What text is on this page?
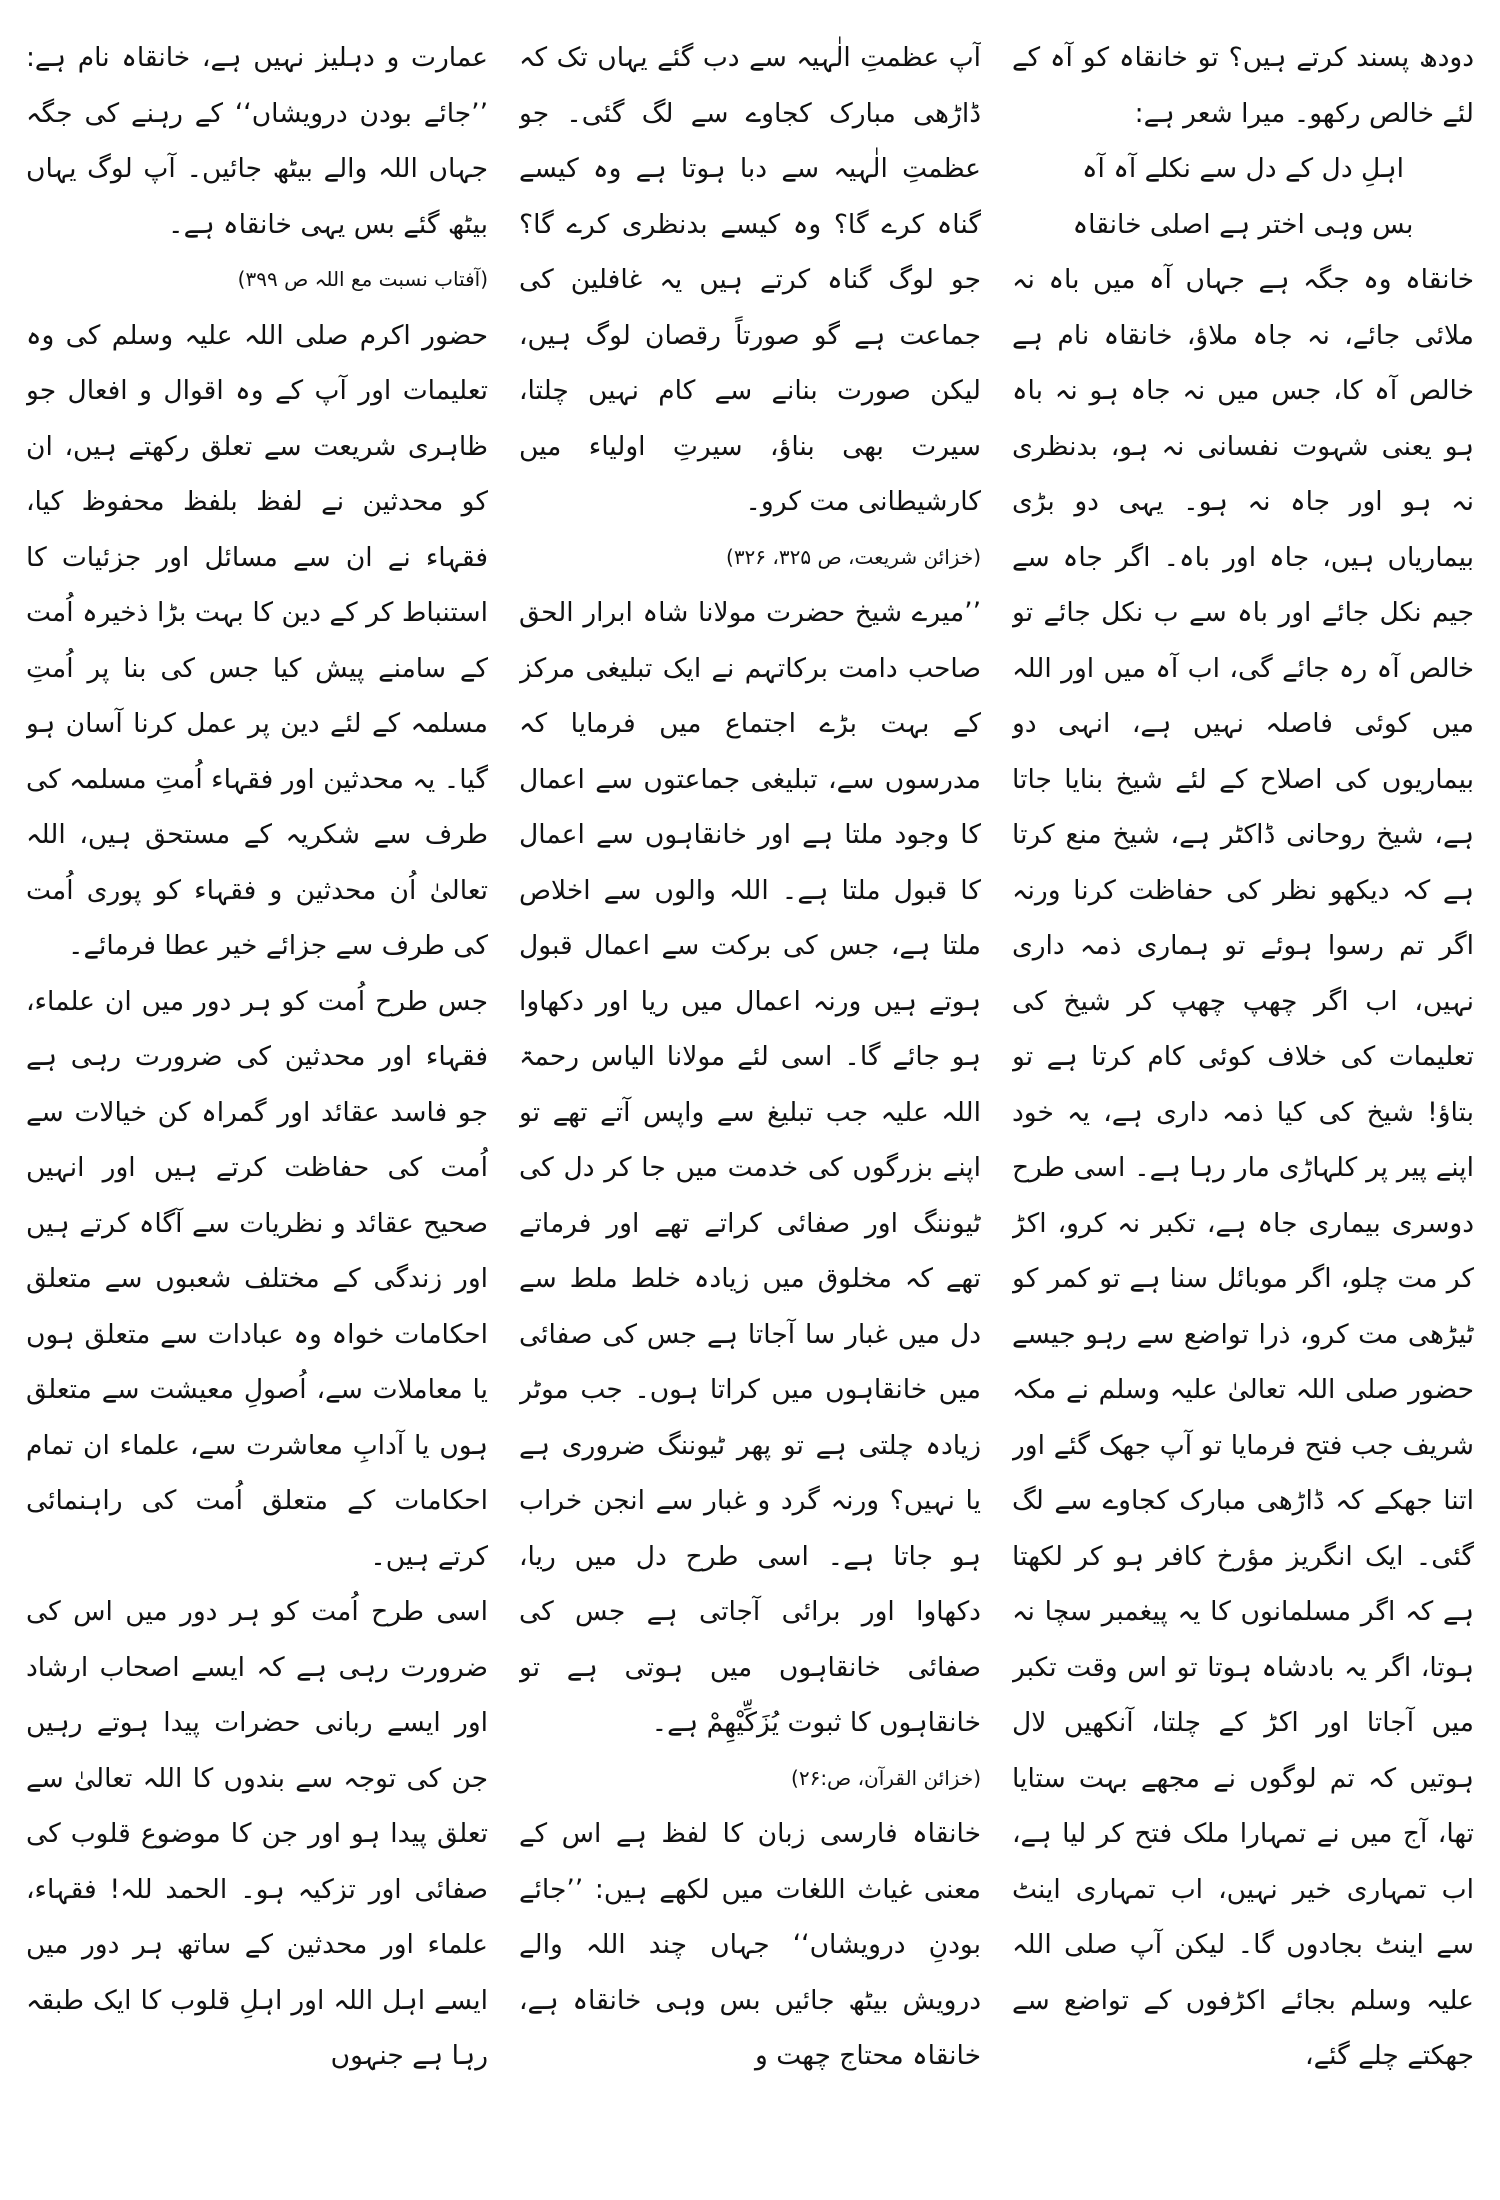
دودھ پسند کرتے ہیں؟ تو خانقاہ کو آہ کے لئے خالص رکھو۔ میرا شعر ہے:

اہلِ دل کے دل سے نکلے آہ آہ

بس وہی اختر ہے اصلی خانقاہ

خانقاہ وہ جگہ ہے جہاں آہ میں باہ نہ ملائی جائے، نہ جاہ ملاؤ، خانقاہ نام ہے خالص آہ کا، جس میں نہ جاہ ہو نہ باہ ہو یعنی شہوت نفسانی نہ ہو، بدنظری نہ ہو اور جاہ نہ ہو۔ یہی دو بڑی بیماریاں ہیں، جاہ اور باہ۔ اگر جاہ سے جیم نکل جائے اور باہ سے ب نکل جائے تو خالص آہ رہ جائے گی، اب آہ میں اور اللہ میں کوئی فاصلہ نہیں ہے، انہی دو بیماریوں کی اصلاح کے لئے شیخ بنایا جاتا ہے، شیخ روحانی ڈاکٹر ہے، شیخ منع کرتا ہے کہ دیکھو نظر کی حفاظت کرنا ورنہ اگر تم رسوا ہوئے تو ہماری ذمہ داری نہیں، اب اگر چھپ چھپ کر شیخ کی تعلیمات کی خلاف کوئی کام کرتا ہے تو بتاؤ! شیخ کی کیا ذمہ داری ہے، یہ خود اپنے پیر پر کلہاڑی مار رہا ہے۔ اسی طرح دوسری بیماری جاہ ہے، تکبر نہ کرو، اکڑ کر مت چلو، اگر موبائل سنا ہے تو کمر کو ٹیڑھی مت کرو، ذرا تواضع سے رہو جیسے حضور صلی اللہ تعالیٰ علیہ وسلم نے مکہ شریف جب فتح فرمایا تو آپ جھک گئے اور اتنا جھکے کہ ڈاڑھی مبارک کجاوے سے لگ گئی۔ ایک انگریز مؤرخ کافر ہو کر لکھتا ہے کہ اگر مسلمانوں کا یہ پیغمبر سچا نہ ہوتا، اگر یہ بادشاہ ہوتا تو اس وقت تکبر میں آجاتا اور اکڑ کے چلتا، آنکھیں لال ہوتیں کہ تم لوگوں نے مجھے بہت ستایا تھا، آج میں نے تمہارا ملک فتح کر لیا ہے، اب تمہاری خیر نہیں، اب تمہاری اینٹ سے اینٹ بجادوں گا۔ لیکن آپ صلی اللہ علیہ وسلم بجائے اکڑفوں کے تواضع سے جھکتے چلے گئے،

آپ عظمتِ الٰہیہ سے دب گئے یہاں تک کہ ڈاڑھی مبارک کجاوے سے لگ گئی۔ جو عظمتِ الٰہیہ سے دبا ہوتا ہے وہ کیسے گناہ کرے گا؟ وہ کیسے بدنظری کرے گا؟ جو لوگ گناہ کرتے ہیں یہ غافلین کی جماعت ہے گو صورتاً رقصان لوگ ہیں، لیکن صورت بنانے سے کام نہیں چلتا، سیرت بھی بناؤ، سیرتِ اولیاء میں کارشیطانی مت کرو۔

(خزائن شریعت، ص ۳۲۵، ۳۲۶)

’’میرے شیخ حضرت مولانا شاہ ابرار الحق صاحب دامت برکاتہم نے ایک تبلیغی مرکز کے بہت بڑے اجتماع میں فرمایا کہ مدرسوں سے، تبلیغی جماعتوں سے اعمال کا وجود ملتا ہے اور خانقاہوں سے اعمال کا قبول ملتا ہے۔ اللہ والوں سے اخلاص ملتا ہے، جس کی برکت سے اعمال قبول ہوتے ہیں ورنہ اعمال میں ریا اور دکھاوا ہو جائے گا۔ اسی لئے مولانا الیاس رحمۃ اللہ علیہ جب تبلیغ سے واپس آتے تھے تو اپنے بزرگوں کی خدمت میں جا کر دل کی ٹیوننگ اور صفائی کراتے تھے اور فرماتے تھے کہ مخلوق میں زیادہ خلط ملط سے دل میں غبار سا آجاتا ہے جس کی صفائی میں خانقاہوں میں کراتا ہوں۔ جب موٹر زیادہ چلتی ہے تو پھر ٹیوننگ ضروری ہے یا نہیں؟ ورنہ گرد و غبار سے انجن خراب ہو جاتا ہے۔ اسی طرح دل میں ریا، دکھاوا اور برائی آجاتی ہے جس کی صفائی خانقاہوں میں ہوتی ہے تو خانقاہوں کا ثبوت یُزَکِّیْھِمْ ہے۔

(خزائن القرآن، ص:۲۶)

خانقاہ فارسی زبان کا لفظ ہے اس کے معنی غیاث اللغات میں لکھے ہیں: ’’جائے بودنِ درویشاں‘‘ جہاں چند اللہ والے درویش بیٹھ جائیں بس وہی خانقاہ ہے، خانقاہ محتاج چھت و

عمارت و دہلیز نہیں ہے، خانقاہ نام ہے: ’’جائے بودن درویشاں‘‘ کے رہنے کی جگہ جہاں اللہ والے بیٹھ جائیں۔ آپ لوگ یہاں بیٹھ گئے بس یہی خانقاہ ہے۔

(آفتاب نسبت مع اللہ ص ۳۹۹)

حضور اکرم صلی اللہ علیہ وسلم کی وہ تعلیمات اور آپ کے وہ اقوال و افعال جو ظاہری شریعت سے تعلق رکھتے ہیں، ان کو محدثین نے لفظ بلفظ محفوظ کیا، فقہاء نے ان سے مسائل اور جزئیات کا استنباط کر کے دین کا بہت بڑا ذخیرہ اُمت کے سامنے پیش کیا جس کی بنا پر اُمتِ مسلمہ کے لئے دین پر عمل کرنا آسان ہو گیا۔ یہ محدثین اور فقہاء اُمتِ مسلمہ کی طرف سے شکریہ کے مستحق ہیں، اللہ تعالیٰ اُن محدثین و فقہاء کو پوری اُمت کی طرف سے جزائے خیر عطا فرمائے۔

جس طرح اُمت کو ہر دور میں ان علماء، فقہاء اور محدثین کی ضرورت رہی ہے جو فاسد عقائد اور گمراہ کن خیالات سے اُمت کی حفاظت کرتے ہیں اور انہیں صحیح عقائد و نظریات سے آگاہ کرتے ہیں اور زندگی کے مختلف شعبوں سے متعلق احکامات خواہ وہ عبادات سے متعلق ہوں یا معاملات سے، اُصولِ معیشت سے متعلق ہوں یا آدابِ معاشرت سے، علماء ان تمام احکامات کے متعلق اُمت کی راہنمائی کرتے ہیں۔

اسی طرح اُمت کو ہر دور میں اس کی ضرورت رہی ہے کہ ایسے اصحاب ارشاد اور ایسے ربانی حضرات پیدا ہوتے رہیں جن کی توجہ سے بندوں کا اللہ تعالیٰ سے تعلق پیدا ہو اور جن کا موضوع قلوب کی صفائی اور تزکیہ ہو۔ الحمد للہ! فقہاء، علماء اور محدثین کے ساتھ ہر دور میں ایسے اہل اللہ اور اہلِ قلوب کا ایک طبقہ رہا ہے جنہوں
